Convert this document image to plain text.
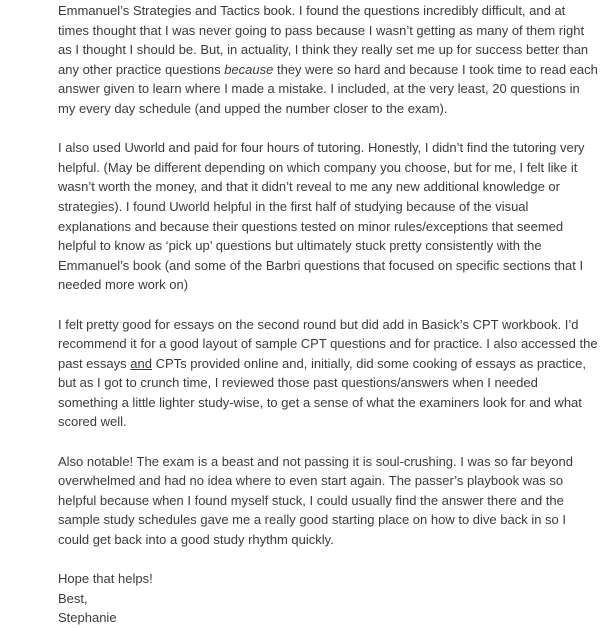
Emmanuel’s Strategies and Tactics book. I found the questions incredibly difficult, and at
times thought that I was never going to pass because I wasn’t getting as many of them right
as I thought I should be. But, in actuality, I think they really set me up for success better than
any other practice questions because they were so hard and because I took time to read each
answer given to learn where I made a mistake. I included, at the very least, 20 questions in
my every day schedule (and upped the number closer to the exam).

I also used Uworld and paid for four hours of tutoring. Honestly, I didn’t find the tutoring very
helpful. (May be different depending on which company you choose, but for me, I felt like it
wasn’t worth the money, and that it didn’t reveal to me any new additional knowledge or
strategies). I found Uworld helpful in the first half of studying because of the visual
explanations and because their questions tested on minor rules/exceptions that seemed
helpful to know as ‘pick up’ questions but ultimately stuck pretty consistently with the
Emmanuel’s book (and some of the Barbri questions that focused on specific sections that I
needed more work on)

I felt pretty good for essays on the second round but did add in Basick’s CPT workbook. I’d
recommend it for a good layout of sample CPT questions and for practice. I also accessed the
past essays and CPTs provided online and, initially, did some cooking of essays as practice,
but as I got to crunch time, I reviewed those past questions/answers when I needed
something a little lighter study-wise, to get a sense of what the examiners look for and what
scored well.

Also notable! The exam is a beast and not passing it is soul-crushing. I was so far beyond
overwhelmed and had no idea where to even start again. The passer’s playbook was so
helpful because when I found myself stuck, I could usually find the answer there and the
sample study schedules gave me a really good starting place on how to dive back in so I
could get back into a good study rhythm quickly.

Hope that helps!
Best,
Stephanie
